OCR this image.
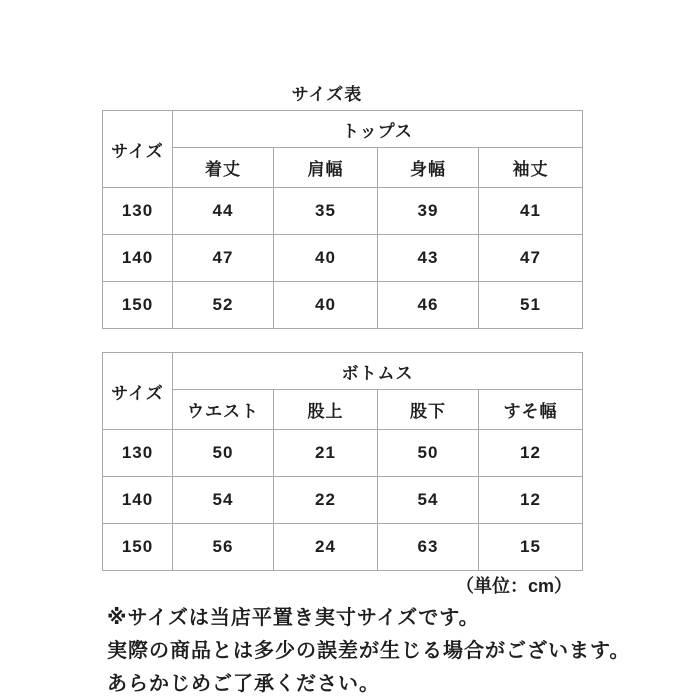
サイズ表
サイズ	トップス			
	着丈	肩幅	身幅	袖丈
130	44	35	39	41
140	47	40	43	47
150	52	40	46	51
サイズ	ボトムス			
	ウエスト	股上	股下	すそ幅
130	50	21	50	12
140	54	22	54	12
150	56	24	63	15
（単位：cm）
※サイズは当店平置き実寸サイズです。
実際の商品とは多少の誤差が生じる場合がございます。
あらかじめご了承ください。
